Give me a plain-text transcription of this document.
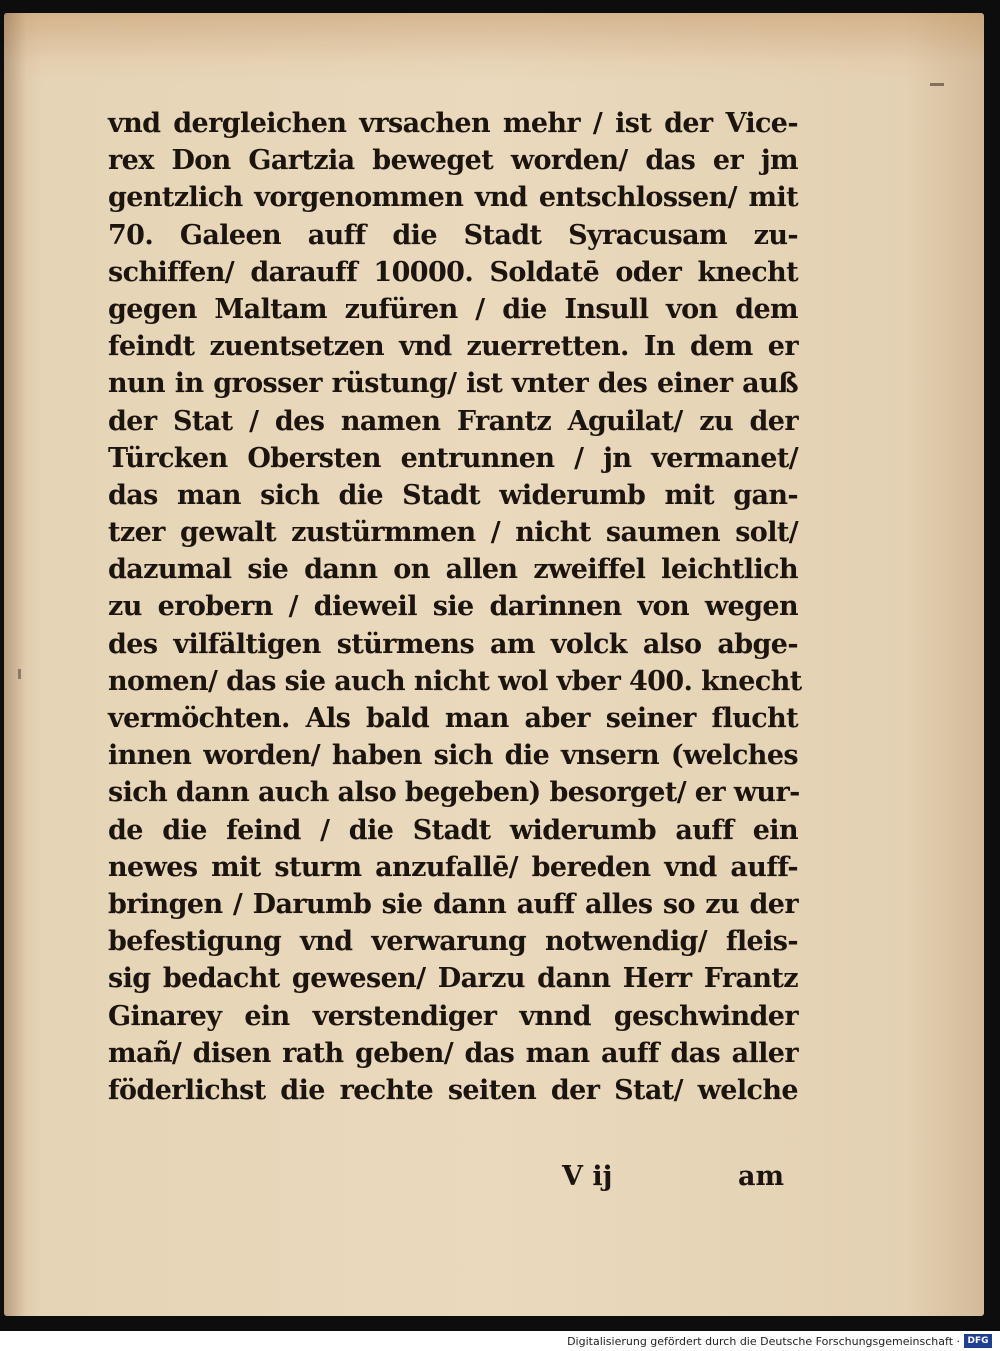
vnd dergleichen vrsachen mehr / ist der Vice-
rex Don Gartzia beweget worden/ das er jm
gentzlich vorgenommen vnd entschlossen/ mit
70. Galeen auff die Stadt Syracusam zu-
schiffen/ darauff 10000. Soldatē oder knecht
gegen Maltam zufüren / die Insull von dem
feindt zuentsetzen vnd zuerretten. In dem er
nun in grosser rüstung/ ist vnter des einer auß
der Stat / des namen Frantz Aguilat/ zu der
Türcken Obersten entrunnen / jn vermanet/
das man sich die Stadt widerumb mit gan-
tzer gewalt zustürmmen / nicht saumen solt/
dazumal sie dann on allen zweiffel leichtlich
zu erobern / dieweil sie darinnen von wegen
des vilfältigen stürmens am volck also abge-
nomen/ das sie auch nicht wol vber 400. knecht
vermöchten. Als bald man aber seiner flucht
innen worden/ haben sich die vnsern (welches
sich dann auch also begeben) besorget/ er wur-
de die feind / die Stadt widerumb auff ein
newes mit sturm anzufallē/ bereden vnd auff-
bringen / Darumb sie dann auff alles so zu der
befestigung vnd verwarung notwendig/ fleis-
sig bedacht gewesen/ Darzu dann Herr Frantz
Ginarey ein verstendiger vnnd geschwinder
mañ/ disen rath geben/ das man auff das aller
föderlichst die rechte seiten der Stat/ welche
V ij	am
Digitalisierung gefördert durch die Deutsche Forschungsgemeinschaft · DFG
